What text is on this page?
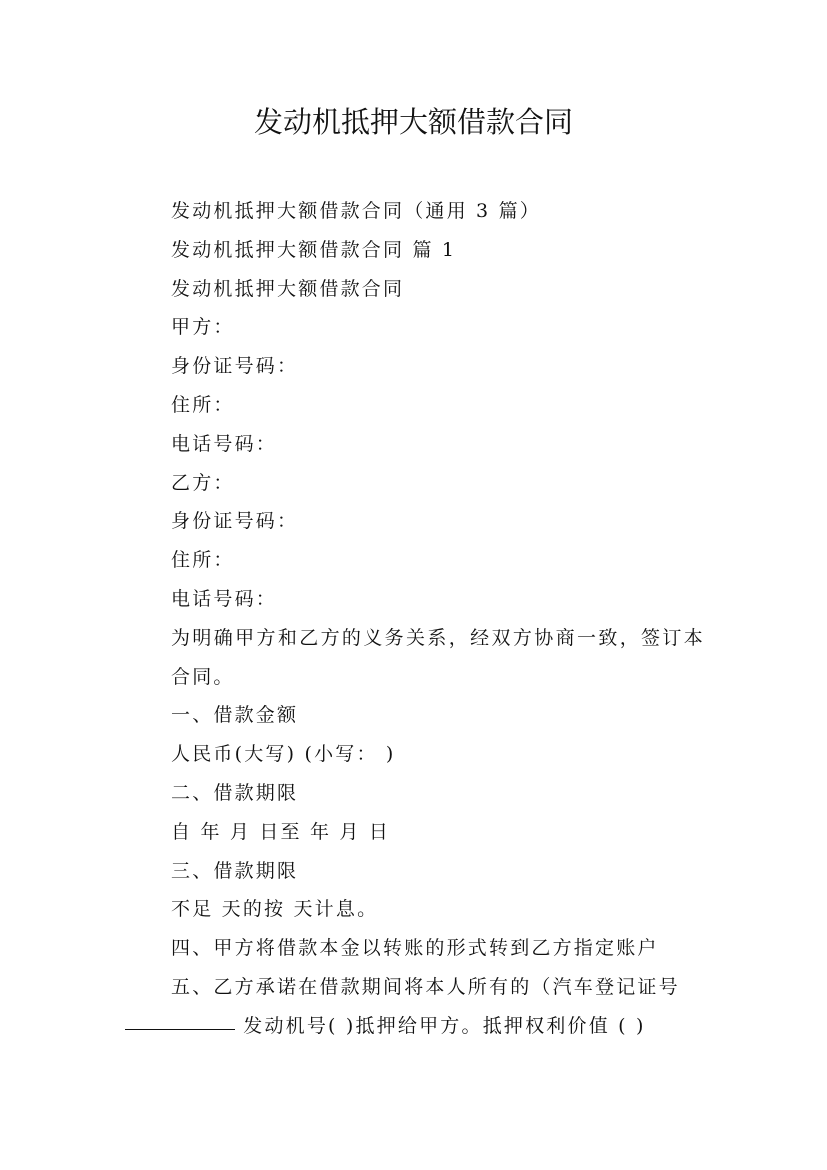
发动机抵押大额借款合同

发动机抵押大额借款合同（通用 3 篇）

发动机抵押大额借款合同 篇 1

发动机抵押大额借款合同

甲方：

身份证号码：

住所：

电话号码：

乙方：

身份证号码：

住所：

电话号码：

为明确甲方和乙方的义务关系，经双方协商一致，签订本合同。

一、借款金额

人民币(大写) (小写： )

二、借款期限

自 年 月 日至 年 月 日

三、借款期限

不足 天的按 天计息。

四、甲方将借款本金以转账的形式转到乙方指定账户

五、乙方承诺在借款期间将本人所有的（汽车登记证号

发动机号( )抵押给甲方。抵押权利价值 ( )
